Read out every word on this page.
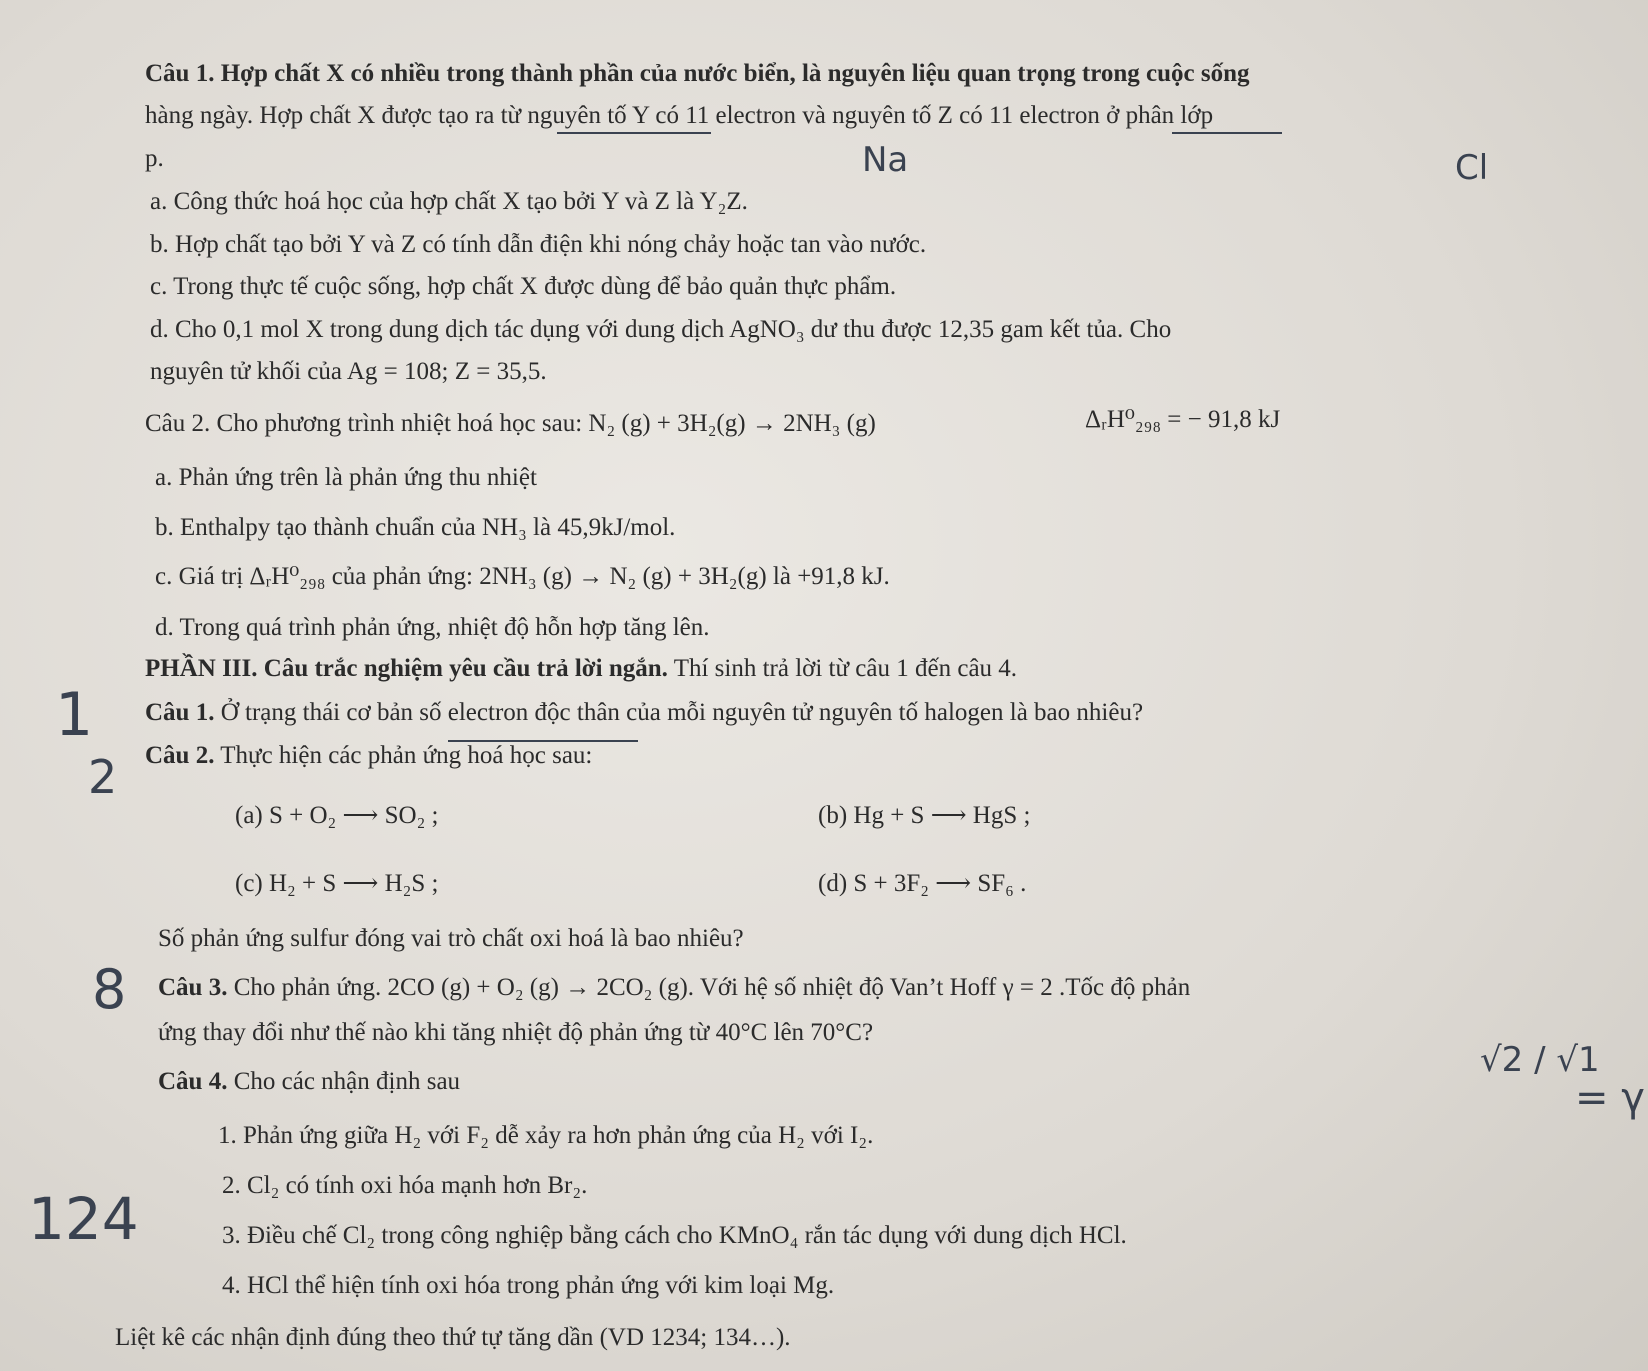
Câu 1. Hợp chất X có nhiều trong thành phần của nước biển, là nguyên liệu quan trọng trong cuộc sống
hàng ngày. Hợp chất X được tạo ra từ nguyên tố Y có 11 electron và nguyên tố Z có 11 electron ở phân lớp
p.
a. Công thức hoá học của hợp chất X tạo bởi Y và Z là Y₂Z.
b. Hợp chất tạo bởi Y và Z có tính dẫn điện khi nóng chảy hoặc tan vào nước.
c. Trong thực tế cuộc sống, hợp chất X được dùng để bảo quản thực phẩm.
d. Cho 0,1 mol X trong dung dịch tác dụng với dung dịch AgNO₃ dư thu được 12,35 gam kết tủa. Cho
nguyên tử khối của Ag = 108; Z = 35,5.
Câu 2. Cho phương trình nhiệt hoá học sau: N₂ (g) + 3H₂(g) → 2NH₃ (g)	ΔᵣH⁰₂₉₈ = − 91,8 kJ
a. Phản ứng trên là phản ứng thu nhiệt
b. Enthalpy tạo thành chuẩn của NH₃ là 45,9kJ/mol.
c. Giá trị ΔᵣH⁰₂₉₈ của phản ứng: 2NH₃ (g) → N₂ (g) + 3H₂(g) là +91,8 kJ.
d. Trong quá trình phản ứng, nhiệt độ hỗn hợp tăng lên.
PHẦN III. Câu trắc nghiệm yêu cầu trả lời ngắn. Thí sinh trả lời từ câu 1 đến câu 4.
Câu 1. Ở trạng thái cơ bản số electron độc thân của mỗi nguyên tử nguyên tố halogen là bao nhiêu?
Câu 2. Thực hiện các phản ứng hoá học sau:
(a) S + O₂ ⟶ SO₂ ;	(b) Hg + S ⟶ HgS ;
(c) H₂ + S ⟶ H₂S ;	(d) S + 3F₂ ⟶ SF₆ .
Số phản ứng sulfur đóng vai trò chất oxi hoá là bao nhiêu?
Câu 3. Cho phản ứng. 2CO (g) + O₂ (g) → 2CO₂ (g). Với hệ số nhiệt độ Van’t Hoff γ = 2 .Tốc độ phản
ứng thay đổi như thế nào khi tăng nhiệt độ phản ứng từ 40°C lên 70°C?
Câu 4. Cho các nhận định sau
1. Phản ứng giữa H₂ với F₂ dễ xảy ra hơn phản ứng của H₂ với I₂.
2. Cl₂ có tính oxi hóa mạnh hơn Br₂.
3. Điều chế Cl₂ trong công nghiệp bằng cách cho KMnO₄ rắn tác dụng với dung dịch HCl.
4. HCl thể hiện tính oxi hóa trong phản ứng với kim loại Mg.
Liệt kê các nhận định đúng theo thứ tự tăng dần (VD 1234; 134…).
Na	Cl
√2 / √1
= γ
1
2
8
124
